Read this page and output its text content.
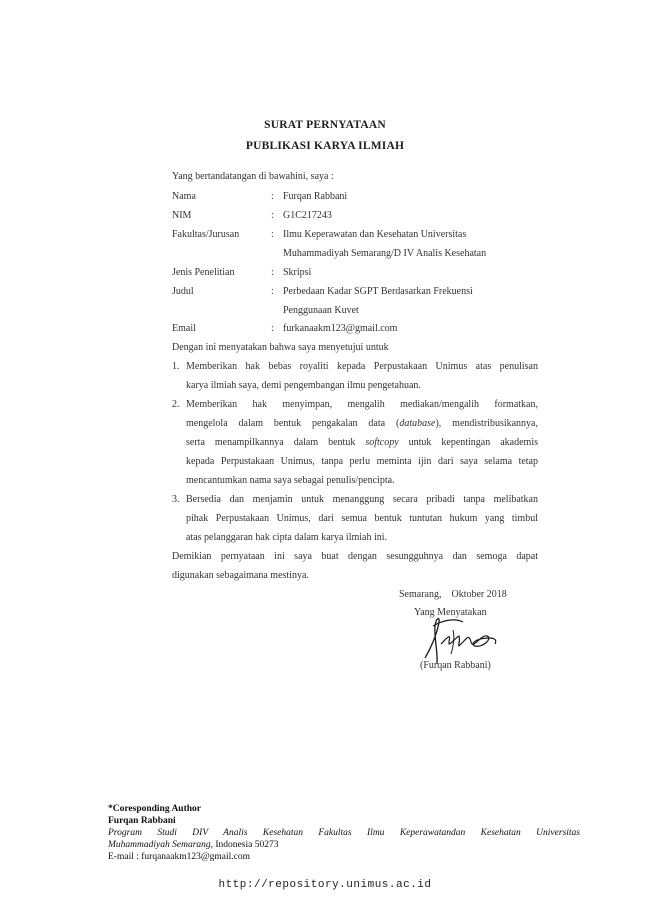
SURAT PERNYATAAN
PUBLIKASI KARYA ILMIAH
Yang bertandatangan di bawahini, saya :
Nama	: Furqan Rabbani
NIM	: G1C217243
Fakultas/Jurusan	: Ilmu Keperawatan dan Kesehatan Universitas
Muhammadiyah Semarang/D IV Analis Kesehatan
Jenis Penelitian	: Skripsi
Judul	: Perbedaan Kadar SGPT Berdasarkan Frekuensi
Penggunaan Kuvet
Email	: furkanaakm123@gmail.com
Dengan ini menyatakan bahwa saya menyetujui untuk
1. Memberikan hak bebas royaliti kepada Perpustakaan Unimus atas penulisan
karya ilmiah saya, demi pengembangan ilmu pengetahuan.
2. Memberikan hak menyimpan, mengalih mediakan/mengalih formatkan,
mengelola dalam bentuk pengakalan data (database), mendistribusikannya,
serta menampilkannya dalam bentuk softcopy untuk kepentingan akademis
kepada Perpustakaan Unimus, tanpa perlu meminta ijin dari saya selama tetap
mencantumkan nama saya sebagai penulis/pencipta.
3. Bersedia dan menjamin untuk menanggung secara pribadi tanpa melibatkan
pihak Perpustakaan Unimus, dari semua bentuk tuntutan hukum yang timbul
atas pelanggaran hak cipta dalam karya ilmiah ini.
Demikian pernyataan ini saya buat dengan sesungguhnya dan semoga dapat
digunakan sebagaimana mestinya.
Semarang,    Oktober 2018
Yang Menyatakan
(Furqan Rabbani)
*Coresponding Author
Furqan Rabbani
Program Studi DIV Analis Kesehatan Fakultas Ilmu Keperawatandan Kesehatan Universitas
Muhammadiyah Semarang, Indonesia 50273
E-mail : furqanaakm123@gmail.com
http://repository.unimus.ac.id
